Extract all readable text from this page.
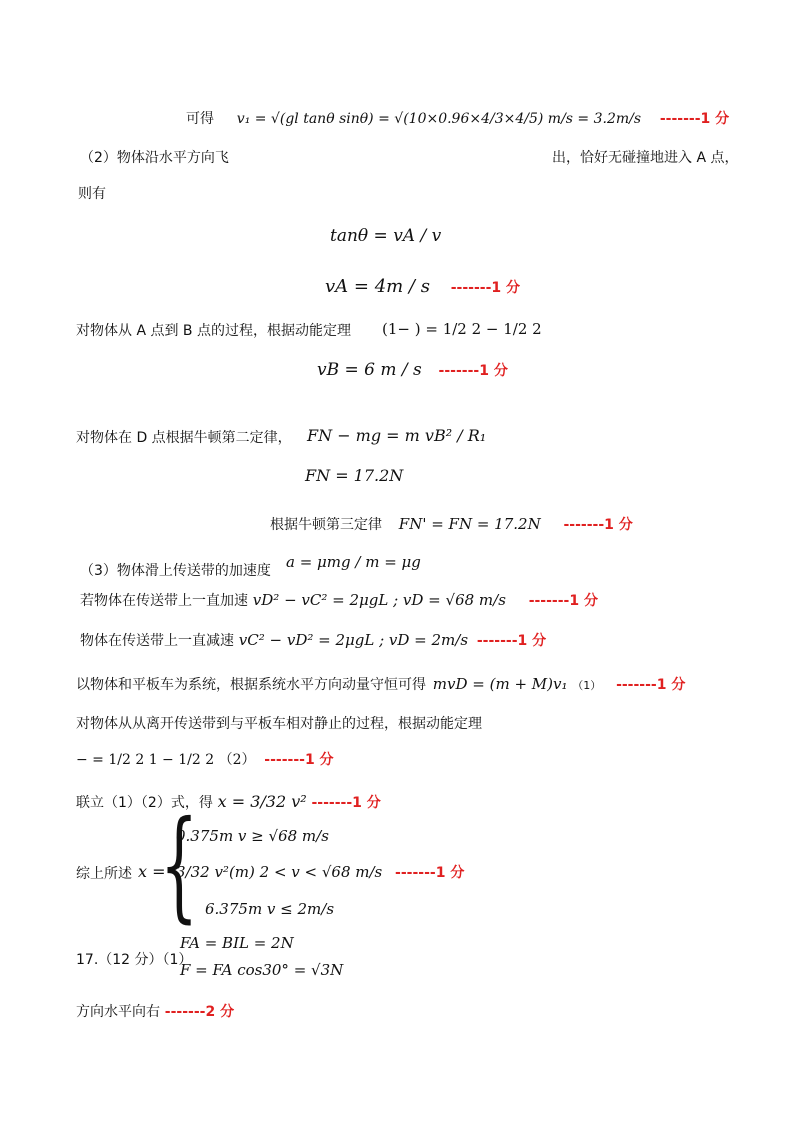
可得 v₁ = √(gl tanθ sinθ) = √(10×0.96×4/3×4/5) m/s = 3.2m/s -------1 分
（2）物体沿水平方向飞	出，恰好无碰撞地进入 A 点，
则有
tanθ = vA / v
vA = 4m / s -------1 分
对物体从 A 点到 B 点的过程，根据动能定理 (1− ) = 1/2 2 − 1/2 2
vB = 6 m / s -------1 分
对物体在 D 点根据牛顿第二定律， FN − mg = m vB² / R₁
FN = 17.2N
根据牛顿第三定律 FN' = FN = 17.2N -------1 分
（3）物体滑上传送带的加速度 a = μmg / m = μg
若物体在传送带上一直加速 vD² − vC² = 2μgL ; vD = √68 m/s -------1 分
物体在传送带上一直减速 vC² − vD² = 2μgL ; vD = 2m/s -------1 分
以物体和平板车为系统，根据系统水平方向动量守恒可得 mvD = (m + M)v₁ （1） -------1 分
对物体从从离开传送带到与平板车相对静止的过程，根据动能定理
− = 1/2 2 1 − 1/2 2 （2） -------1 分
联立（1）（2）式，得 x = 3/32 v² -------1 分
综上所述 x =
{
0.375m v ≥ √68 m/s
3/32 v²(m) 2 < v < √68 m/s -------1 分
6.375m v ≤ 2m/s
17.（12 分）（1）
FA = BIL = 2N
F = FA cos30° = √3N
方向水平向右 -------2 分
